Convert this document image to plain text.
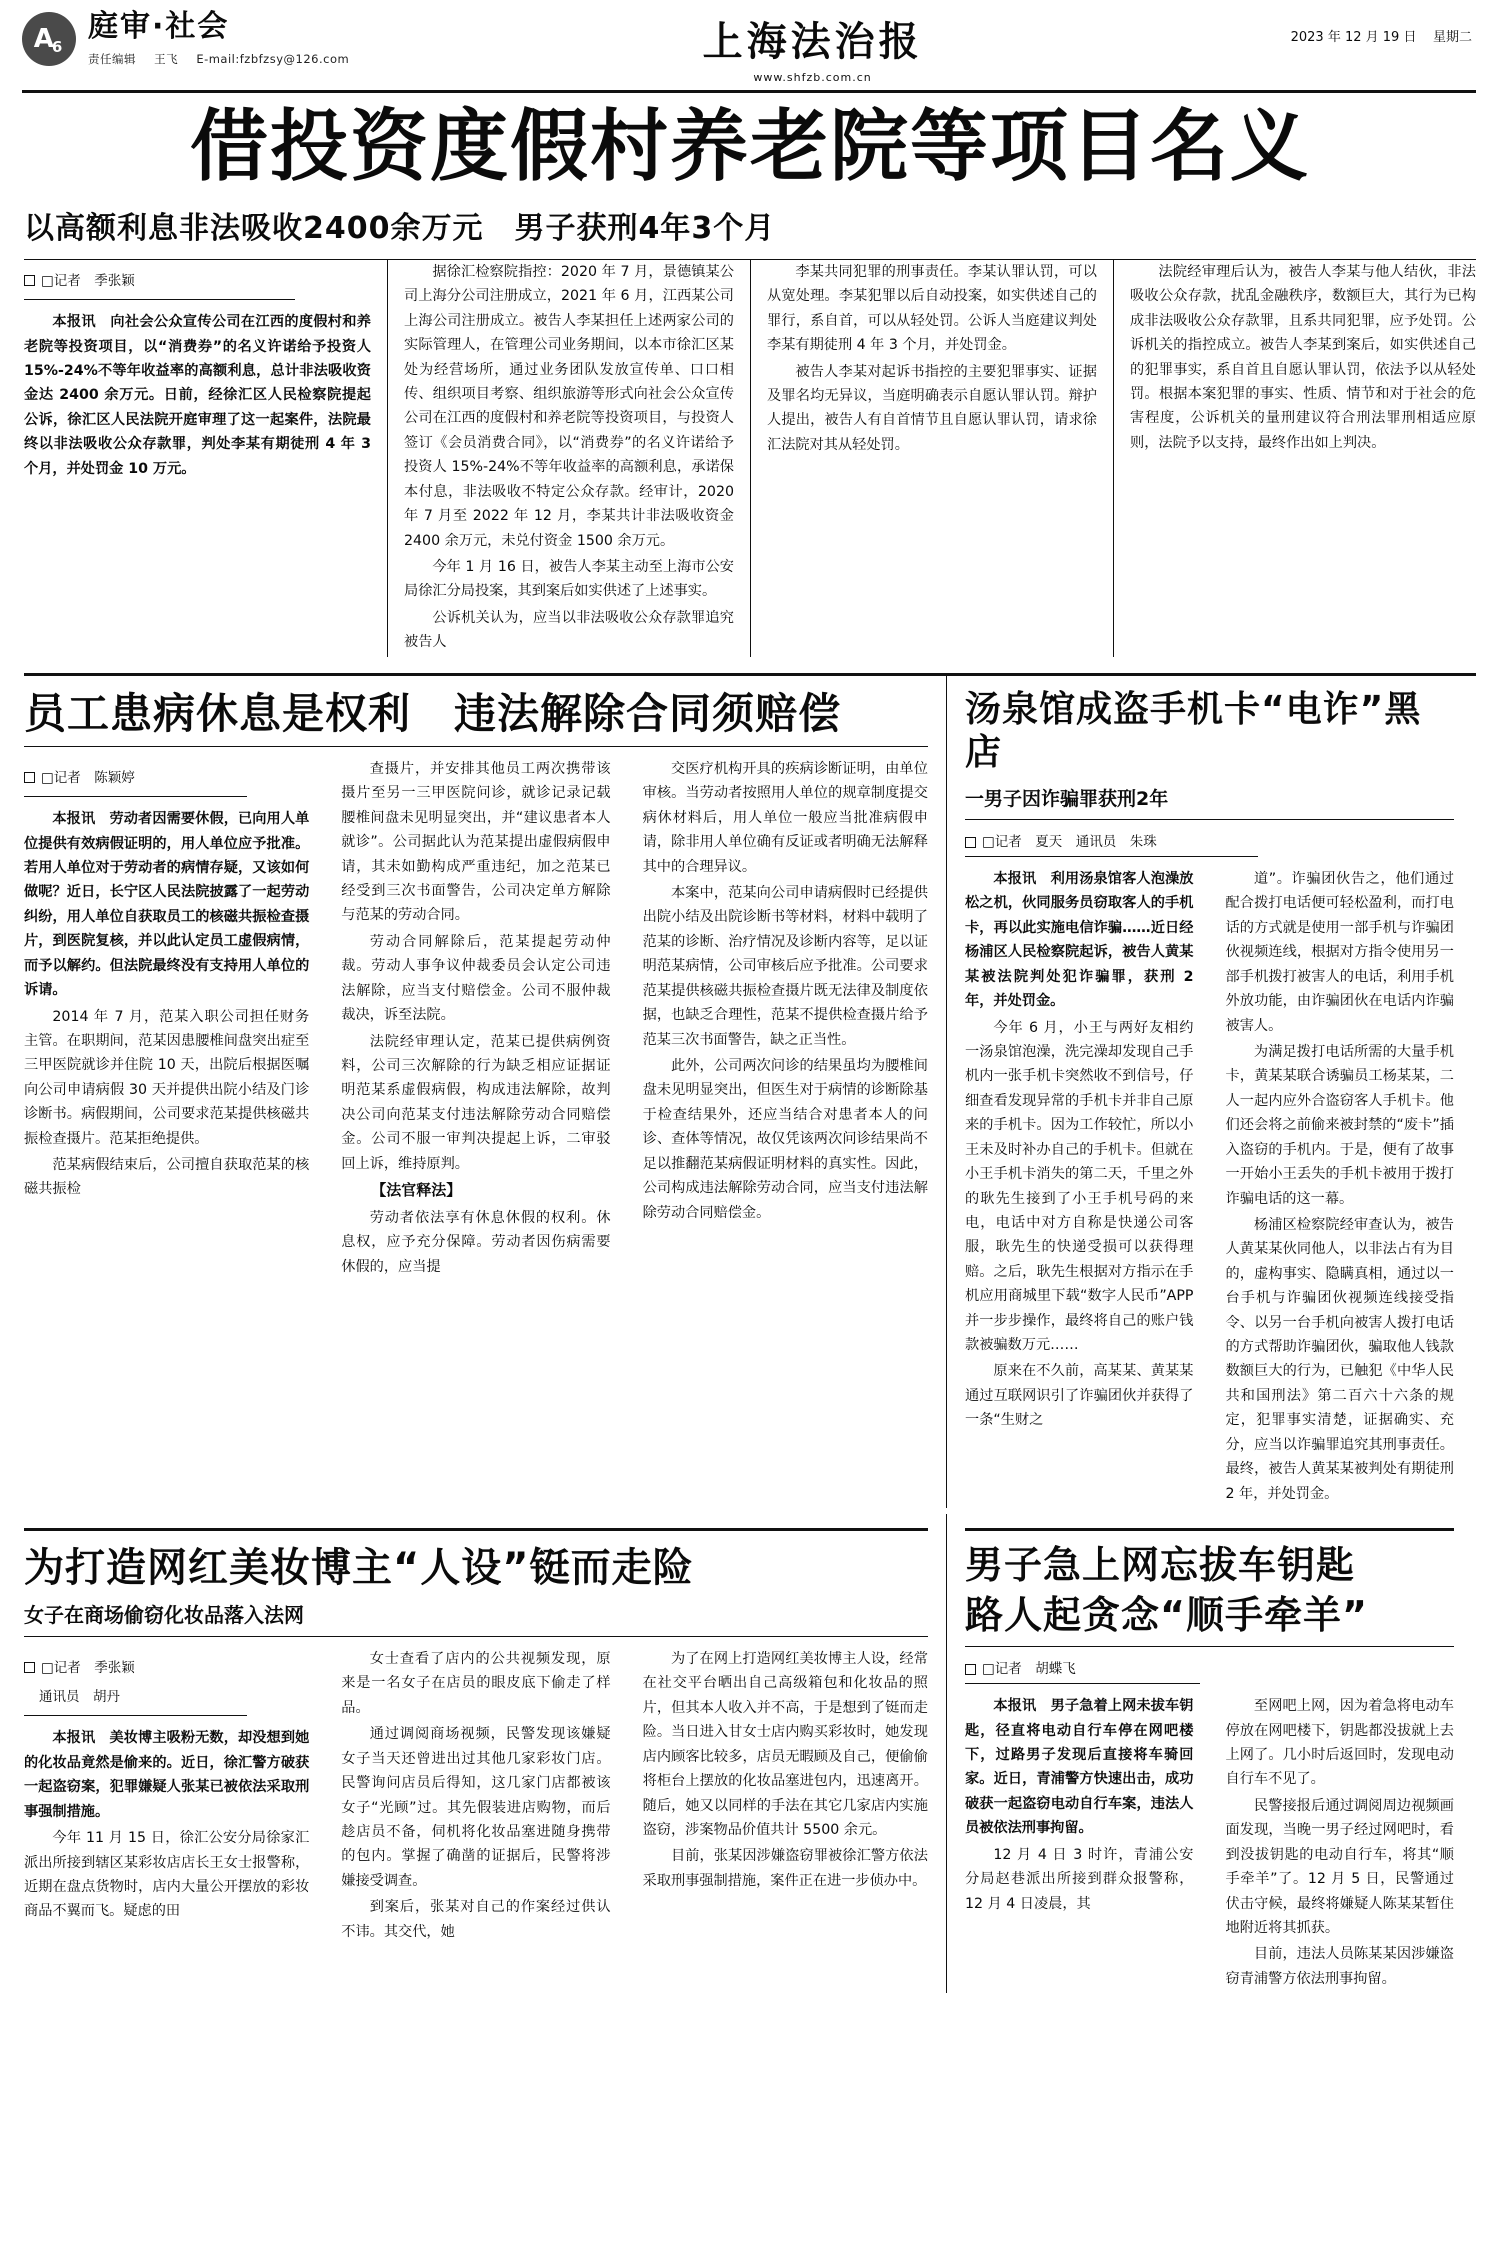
A
6
庭审·社会
责任编辑 王飞 E-mail:fzbfzsy@126.com	上海法治报
www.shfzb.com.cn
2023 年 12 月 19 日 星期二
借投资度假村养老院等项目名义
以高额利息非法吸收2400余万元　男子获刑4年3个月
□记者　季张颖

本报讯　向社会公众宣传公司在江西的度假村和养老院等投资项目，以“消费券”的名义许诺给予投资人 15%-24%不等年收益率的高额利息，总计非法吸收资金达 2400 余万元。日前，经徐汇区人民检察院提起公诉，徐汇区人民法院开庭审理了这一起案件，法院最终以非法吸收公众存款罪，判处李某有期徒刑 4 年 3 个月，并处罚金 10 万元。

据徐汇检察院指控：2020 年 7 月，景德镇某公司上海分公司注册成立，2021 年 6 月，江西某公司上海公司注册成立。被告人李某担任上述两家公司的实际管理人，在管理公司业务期间，以本市徐汇区某处为经营场所，通过业务团队发放宣传单、口口相传、组织项目考察、组织旅游等形式向社会公众宣传公司在江西的度假村和养老院等投资项目，与投资人签订《会员消费合同》，以“消费券”的名义许诺给予投资人 15%-24%不等年收益率的高额利息，承诺保本付息，非法吸收不特定公众存款。经审计，2020 年 7 月至 2022 年 12 月，李某共计非法吸收资金 2400 余万元，未兑付资金 1500 余万元。

今年 1 月 16 日，被告人李某主动至上海市公安局徐汇分局投案，其到案后如实供述了上述事实。

公诉机关认为，应当以非法吸收公众存款罪追究被告人

李某共同犯罪的刑事责任。李某认罪认罚，可以从宽处理。李某犯罪以后自动投案，如实供述自己的罪行，系自首，可以从轻处罚。公诉人当庭建议判处李某有期徒刑 4 年 3 个月，并处罚金。

被告人李某对起诉书指控的主要犯罪事实、证据及罪名均无异议，当庭明确表示自愿认罪认罚。辩护人提出，被告人有自首情节且自愿认罪认罚，请求徐汇法院对其从轻处罚。

法院经审理后认为，被告人李某与他人结伙，非法吸收公众存款，扰乱金融秩序，数额巨大，其行为已构成非法吸收公众存款罪，且系共同犯罪，应予处罚。公诉机关的指控成立。被告人李某到案后，如实供述自己的犯罪事实，系自首且自愿认罪认罚，依法予以从轻处罚。根据本案犯罪的事实、性质、情节和对于社会的危害程度，公诉机关的量刑建议符合刑法罪刑相适应原则，法院予以支持，最终作出如上判决。

员工患病休息是权利　违法解除合同须赔偿
□记者　陈颖婷

本报讯　劳动者因需要休假，已向用人单位提供有效病假证明的，用人单位应予批准。若用人单位对于劳动者的病情存疑，又该如何做呢？近日，长宁区人民法院披露了一起劳动纠纷，用人单位自获取员工的核磁共振检查摄片，到医院复核，并以此认定员工虚假病情，而予以解约。但法院最终没有支持用人单位的诉请。

2014 年 7 月，范某入职公司担任财务主管。在职期间，范某因患腰椎间盘突出症至三甲医院就诊并住院 10 天，出院后根据医嘱向公司申请病假 30 天并提供出院小结及门诊诊断书。病假期间，公司要求范某提供核磁共振检查摄片。范某拒绝提供。

范某病假结束后，公司擅自获取范某的核磁共振检

查摄片，并安排其他员工两次携带该摄片至另一三甲医院问诊，就诊记录记载腰椎间盘未见明显突出，并“建议患者本人就诊”。公司据此认为范某提出虚假病假申请，其未如勤构成严重违纪，加之范某已经受到三次书面警告，公司决定单方解除与范某的劳动合同。

劳动合同解除后，范某提起劳动仲裁。劳动人事争议仲裁委员会认定公司违法解除，应当支付赔偿金。公司不服仲裁裁决，诉至法院。

法院经审理认定，范某已提供病例资料，公司三次解除的行为缺乏相应证据证明范某系虚假病假，构成违法解除，故判决公司向范某支付违法解除劳动合同赔偿金。公司不服一审判决提起上诉，二审驳回上诉，维持原判。

【法官释法】

劳动者依法享有休息休假的权利。休息权，应予充分保障。劳动者因伤病需要休假的，应当提

交医疗机构开具的疾病诊断证明，由单位审核。当劳动者按照用人单位的规章制度提交病休材料后，用人单位一般应当批准病假申请，除非用人单位确有反证或者明确无法解释其中的合理异议。

本案中，范某向公司申请病假时已经提供出院小结及出院诊断书等材料，材料中载明了范某的诊断、治疗情况及诊断内容等，足以证明范某病情，公司审核后应予批准。公司要求范某提供核磁共振检查摄片既无法律及制度依据，也缺乏合理性，范某不提供检查摄片给予范某三次书面警告，缺之正当性。

此外，公司两次问诊的结果虽均为腰椎间盘未见明显突出，但医生对于病情的诊断除基于检查结果外，还应当结合对患者本人的问诊、查体等情况，故仅凭该两次问诊结果尚不足以推翻范某病假证明材料的真实性。因此，公司构成违法解除劳动合同，应当支付违法解除劳动合同赔偿金。

汤泉馆成盗手机卡“电诈”黑店
一男子因诈骗罪获刑2年
□记者　夏天　通讯员　朱珠

本报讯　利用汤泉馆客人泡澡放松之机，伙同服务员窃取客人的手机卡，再以此实施电信诈骗……近日经杨浦区人民检察院起诉，被告人黄某某被法院判处犯诈骗罪，获刑 2 年，并处罚金。

今年 6 月，小王与两好友相约一汤泉馆泡澡，洗完澡却发现自己手机内一张手机卡突然收不到信号，仔细查看发现异常的手机卡并非自己原来的手机卡。因为工作较忙，所以小王未及时补办自己的手机卡。但就在小王手机卡消失的第二天，千里之外的耿先生接到了小王手机号码的来电，电话中对方自称是快递公司客服，耿先生的快递受损可以获得理赔。之后，耿先生根据对方指示在手机应用商城里下载“数字人民币”APP 并一步步操作，最终将自己的账户钱款被骗数万元……

原来在不久前，高某某、黄某某通过互联网识引了诈骗团伙并获得了一条“生财之

道”。诈骗团伙告之，他们通过配合拨打电话便可轻松盈利，而打电话的方式就是使用一部手机与诈骗团伙视频连线，根据对方指令使用另一部手机拨打被害人的电话，利用手机外放功能，由诈骗团伙在电话内诈骗被害人。

为满足拨打电话所需的大量手机卡，黄某某联合诱骗员工杨某某，二人一起内应外合盗窃客人手机卡。他们还会将之前偷来被封禁的“废卡”插入盗窃的手机内。于是，便有了故事一开始小王丢失的手机卡被用于拨打诈骗电话的这一幕。

杨浦区检察院经审查认为，被告人黄某某伙同他人，以非法占有为目的，虚构事实、隐瞒真相，通过以一台手机与诈骗团伙视频连线接受指令、以另一台手机向被害人拨打电话的方式帮助诈骗团伙，骗取他人钱款数额巨大的行为，已触犯《中华人民共和国刑法》第二百六十六条的规定，犯罪事实清楚，证据确实、充分，应当以诈骗罪追究其刑事责任。最终，被告人黄某某被判处有期徒刑 2 年，并处罚金。

为打造网红美妆博主“人设”铤而走险
女子在商场偷窃化妆品落入法网
□记者　季张颖
通讯员　胡丹

本报讯　美妆博主吸粉无数，却没想到她的化妆品竟然是偷来的。近日，徐汇警方破获一起盗窃案，犯罪嫌疑人张某已被依法采取刑事强制措施。

今年 11 月 15 日，徐汇公安分局徐家汇派出所接到辖区某彩妆店店长王女士报警称，近期在盘点货物时，店内大量公开摆放的彩妆商品不翼而飞。疑虑的田

女士查看了店内的公共视频发现，原来是一名女子在店员的眼皮底下偷走了样品。

通过调阅商场视频，民警发现该嫌疑女子当天还曾进出过其他几家彩妆门店。民警询问店员后得知，这几家门店都被该女子“光顾”过。其先假装进店购物，而后趁店员不备，伺机将化妆品塞进随身携带的包内。掌握了确凿的证据后，民警将涉嫌接受调查。

到案后，张某对自己的作案经过供认不讳。其交代，她

为了在网上打造网红美妆博主人设，经常在社交平台晒出自己高级箱包和化妆品的照片，但其本人收入并不高，于是想到了铤而走险。当日进入甘女士店内购买彩妆时，她发现店内顾客比较多，店员无暇顾及自己，便偷偷将柜台上摆放的化妆品塞进包内，迅速离开。随后，她又以同样的手法在其它几家店内实施盗窃，涉案物品价值共计 5500 余元。

目前，张某因涉嫌盗窃罪被徐汇警方依法采取刑事强制措施，案件正在进一步侦办中。

男子急上网忘拔车钥匙
路人起贪念“顺手牵羊”
□记者　胡蝶飞

本报讯　男子急着上网未拔车钥匙，径直将电动自行车停在网吧楼下，过路男子发现后直接将车骑回家。近日，青浦警方快速出击，成功破获一起盗窃电动自行车案，违法人员被依法刑事拘留。

12 月 4 日 3 时许，青浦公安分局赵巷派出所接到群众报警称，12 月 4 日凌晨，其

至网吧上网，因为着急将电动车停放在网吧楼下，钥匙都没拔就上去上网了。几小时后返回时，发现电动自行车不见了。

民警接报后通过调阅周边视频画面发现，当晚一男子经过网吧时，看到没拔钥匙的电动自行车，将其“顺手牵羊”了。12 月 5 日，民警通过伏击守候，最终将嫌疑人陈某某暂住地附近将其抓获。

目前，违法人员陈某某因涉嫌盗窃青浦警方依法刑事拘留。
